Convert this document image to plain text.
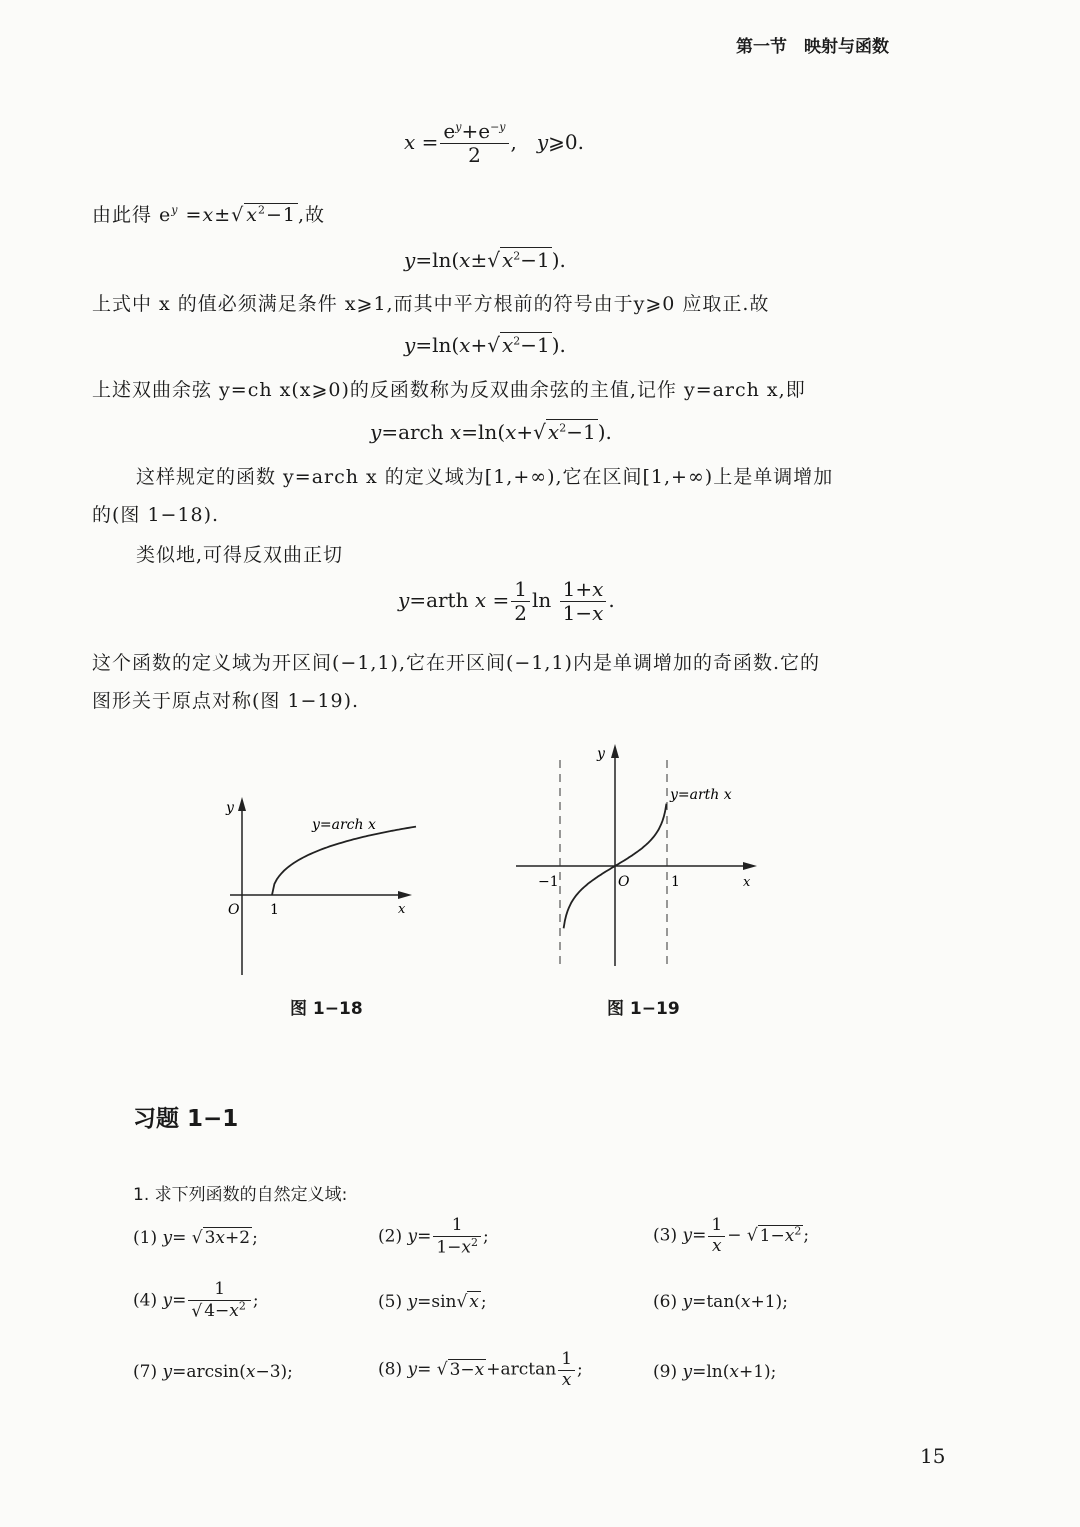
第一节　映射与函数
$x = \frac{e^y+e^{-y}}{2}$ ,　y⩾0.
由此得 $e^y =x\pm√$ $x^2-1$ ,故
y=ln(x±√ $x^2-1$ ).
上式中 x 的值必须满足条件 x⩾1,而其中平方根前的符号由于y⩾0 应取正.故
y=ln(x+√ $x^2-1$ ).
上述双曲余弦 y=ch x(x⩾0)的反函数称为反双曲余弦的主值,记作 y=arch x,即
y=arch x=ln(x+√ $x^2-1$ ).
这样规定的函数 y=arch x 的定义域为[1,+∞),它在区间[1,+∞)上是单调增加
的(图 1−18).
类似地,可得反双曲正切
y=arth $x = \frac{1}{2}$ $\ln \frac{1+x}{1-x}$ .
这个函数的定义域为开区间(−1,1),它在开区间(−1,1)内是单调增加的奇函数.它的
图形关于原点对称(图 1−19).
y
x
O 1
y=arch x
图 1−18
y
x
O
−1	1
y=arth x
图 1−19
习题 1−1
1. 求下列函数的自然定义域:
(1) y= √ 3x+2 ;	(2) $y= \frac{1}{1-x^2}$ ;	(3) $y= \frac{1}{x}$ − √ $1-x^2$ ;
(4) $y= \frac{1}{√ 4-x^2}$ ;	(5) y=sin√ x ;	(6) y=tan(x+1);
(7) y=arcsin(x−3);	(8) y= √ $3-x +\arctan \frac{1}{x}$ ;	(9) y=ln(x+1);
15
